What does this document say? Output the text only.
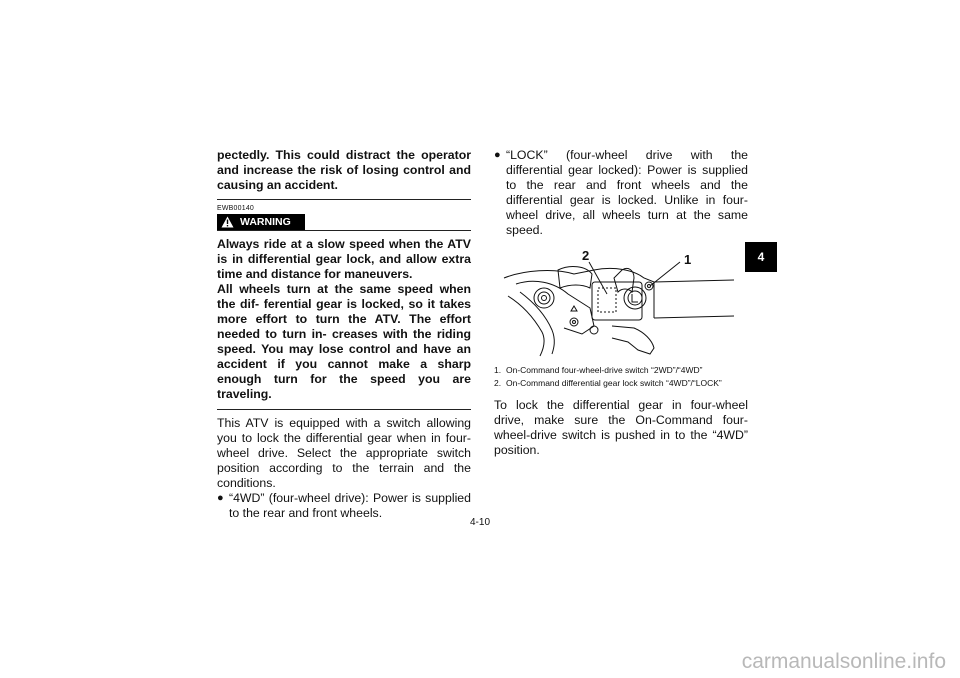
pectedly. This could distract the operator and increase the risk of losing control and causing an accident.
EWB00140
WARNING
Always ride at a slow speed when the ATV is in differential gear lock, and allow extra time and distance for maneuvers.
All wheels turn at the same speed when the dif- ferential gear is locked, so it takes more effort to turn the ATV. The effort needed to turn in- creases with the riding speed. You may lose control and have an accident if you cannot make a sharp enough turn for the speed you are traveling.
This ATV is equipped with a switch allowing you to lock the differential gear when in four-wheel drive. Select the appropriate switch position according to the terrain and the conditions.
● “4WD” (four-wheel drive): Power is supplied to the rear and front wheels.
● “LOCK” (four-wheel drive with the differential gear locked): Power is supplied to the rear and front wheels and the differential gear is locked. Unlike in four-wheel drive, all wheels turn at the same speed.
2	1
1. On-Command four-wheel-drive switch “2WD”/“4WD”
2. On-Command differential gear lock switch “4WD”/“LOCK”
To lock the differential gear in four-wheel drive, make sure the On-Command four-wheel-drive switch is pushed in to the “4WD” position.
4
4-10
carmanualsonline.info
